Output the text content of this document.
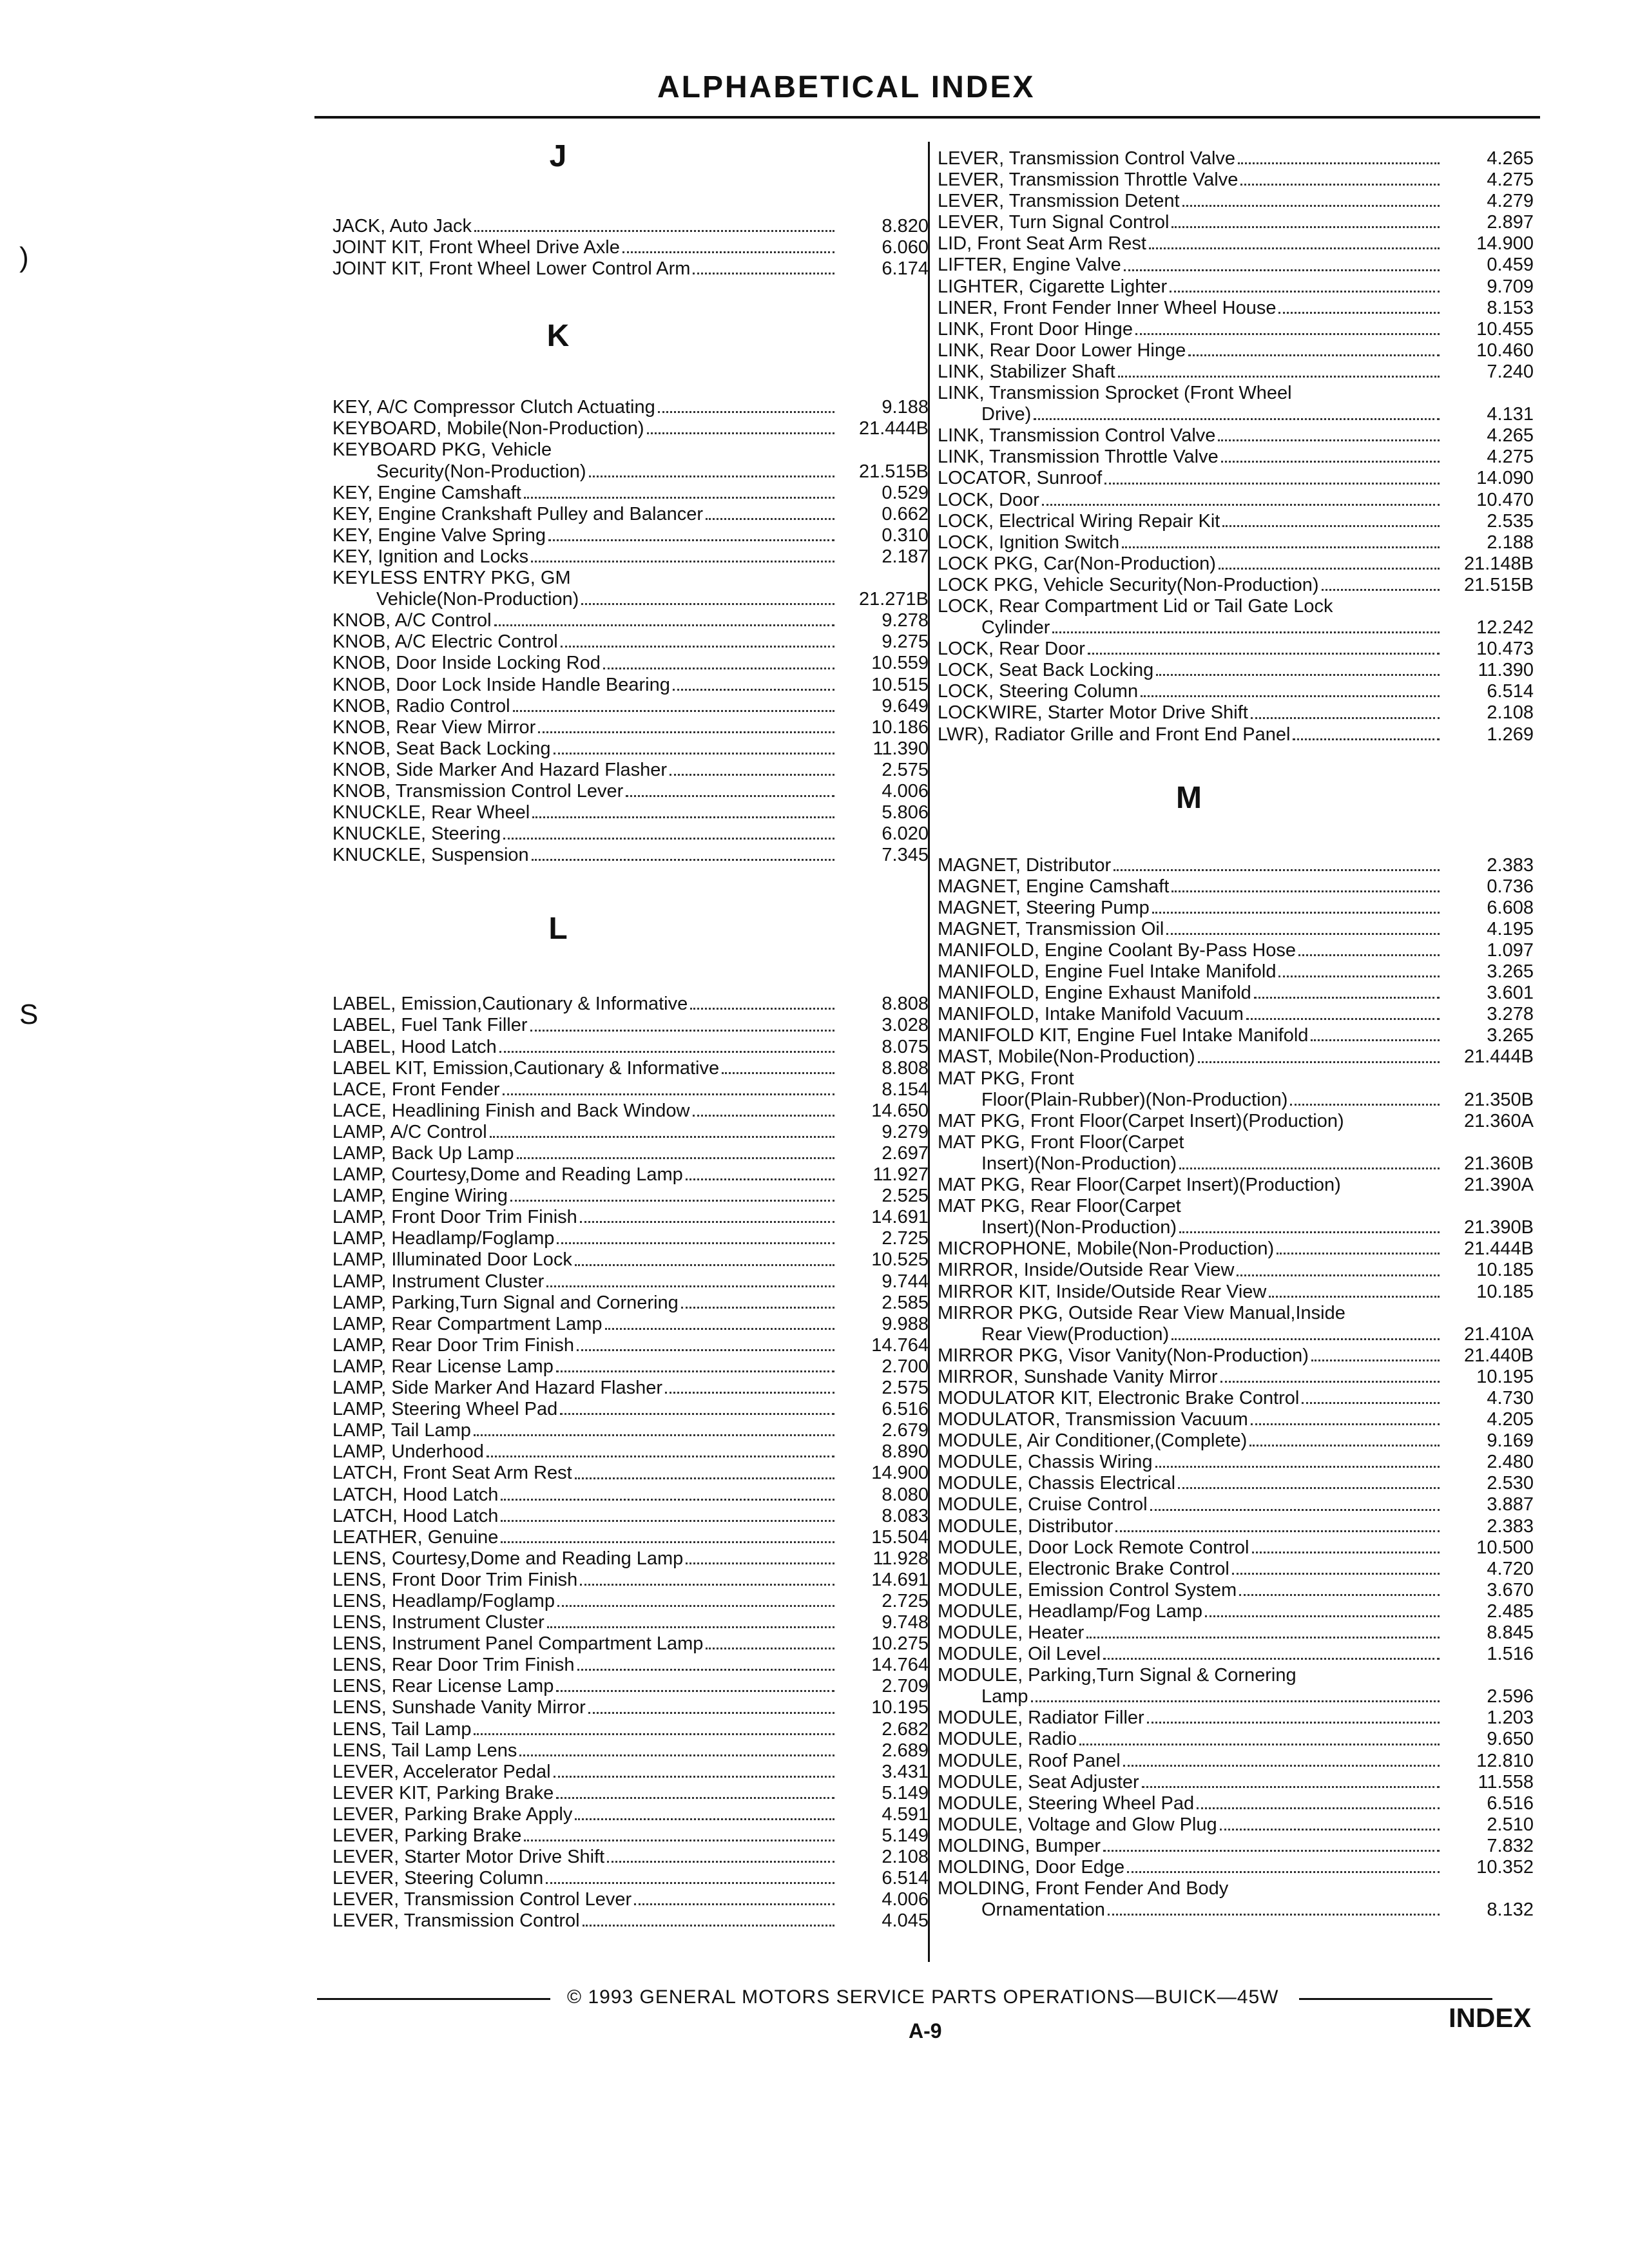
ALPHABETICAL INDEX
)
S
J
JACK, Auto Jack	8.820
JOINT KIT, Front Wheel Drive Axle	6.060
JOINT KIT, Front Wheel Lower Control Arm	6.174
K
KEY, A/C Compressor Clutch Actuating	9.188
KEYBOARD, Mobile(Non-Production)	21.444B
KEYBOARD PKG, Vehicle
Security(Non-Production)	21.515B
KEY, Engine Camshaft	0.529
KEY, Engine Crankshaft Pulley and Balancer	0.662
KEY, Engine Valve Spring	0.310
KEY, Ignition and Locks	2.187
KEYLESS ENTRY PKG, GM
Vehicle(Non-Production)	21.271B
KNOB, A/C Control	9.278
KNOB, A/C Electric Control	9.275
KNOB, Door Inside Locking Rod	10.559
KNOB, Door Lock Inside Handle Bearing	10.515
KNOB, Radio Control	9.649
KNOB, Rear View Mirror	10.186
KNOB, Seat Back Locking	11.390
KNOB, Side Marker And Hazard Flasher	2.575
KNOB, Transmission Control Lever	4.006
KNUCKLE, Rear Wheel	5.806
KNUCKLE, Steering	6.020
KNUCKLE, Suspension	7.345
L
LABEL, Emission,Cautionary & Informative	8.808
LABEL, Fuel Tank Filler	3.028
LABEL, Hood Latch	8.075
LABEL KIT, Emission,Cautionary & Informative	8.808
LACE, Front Fender	8.154
LACE, Headlining Finish and Back Window	14.650
LAMP, A/C Control	9.279
LAMP, Back Up Lamp	2.697
LAMP, Courtesy,Dome and Reading Lamp	11.927
LAMP, Engine Wiring	2.525
LAMP, Front Door Trim Finish	14.691
LAMP, Headlamp/Foglamp	2.725
LAMP, Illuminated Door Lock	10.525
LAMP, Instrument Cluster	9.744
LAMP, Parking,Turn Signal and Cornering	2.585
LAMP, Rear Compartment Lamp	9.988
LAMP, Rear Door Trim Finish	14.764
LAMP, Rear License Lamp	2.700
LAMP, Side Marker And Hazard Flasher	2.575
LAMP, Steering Wheel Pad	6.516
LAMP, Tail Lamp	2.679
LAMP, Underhood	8.890
LATCH, Front Seat Arm Rest	14.900
LATCH, Hood Latch	8.080
LATCH, Hood Latch	8.083
LEATHER, Genuine	15.504
LENS, Courtesy,Dome and Reading Lamp	11.928
LENS, Front Door Trim Finish	14.691
LENS, Headlamp/Foglamp	2.725
LENS, Instrument Cluster	9.748
LENS, Instrument Panel Compartment Lamp	10.275
LENS, Rear Door Trim Finish	14.764
LENS, Rear License Lamp	2.709
LENS, Sunshade Vanity Mirror	10.195
LENS, Tail Lamp	2.682
LENS, Tail Lamp Lens	2.689
LEVER, Accelerator Pedal	3.431
LEVER KIT, Parking Brake	5.149
LEVER, Parking Brake Apply	4.591
LEVER, Parking Brake	5.149
LEVER, Starter Motor Drive Shift	2.108
LEVER, Steering Column	6.514
LEVER, Transmission Control Lever	4.006
LEVER, Transmission Control	4.045
LEVER, Transmission Control Valve	4.265
LEVER, Transmission Throttle Valve	4.275
LEVER, Transmission Detent	4.279
LEVER, Turn Signal Control	2.897
LID, Front Seat Arm Rest	14.900
LIFTER, Engine Valve	0.459
LIGHTER, Cigarette Lighter	9.709
LINER, Front Fender Inner Wheel House	8.153
LINK, Front Door Hinge	10.455
LINK, Rear Door Lower Hinge	10.460
LINK, Stabilizer Shaft	7.240
LINK, Transmission Sprocket (Front Wheel
Drive)	4.131
LINK, Transmission Control Valve	4.265
LINK, Transmission Throttle Valve	4.275
LOCATOR, Sunroof	14.090
LOCK, Door	10.470
LOCK, Electrical Wiring Repair Kit	2.535
LOCK, Ignition Switch	2.188
LOCK PKG, Car(Non-Production)	21.148B
LOCK PKG, Vehicle Security(Non-Production)	21.515B
LOCK, Rear Compartment Lid or Tail Gate Lock
Cylinder	12.242
LOCK, Rear Door	10.473
LOCK, Seat Back Locking	11.390
LOCK, Steering Column	6.514
LOCKWIRE, Starter Motor Drive Shift	2.108
LWR), Radiator Grille and Front End Panel	1.269
M
MAGNET, Distributor	2.383
MAGNET, Engine Camshaft	0.736
MAGNET, Steering Pump	6.608
MAGNET, Transmission Oil	4.195
MANIFOLD, Engine Coolant By-Pass Hose	1.097
MANIFOLD, Engine Fuel Intake Manifold	3.265
MANIFOLD, Engine Exhaust Manifold	3.601
MANIFOLD, Intake Manifold Vacuum	3.278
MANIFOLD KIT, Engine Fuel Intake Manifold	3.265
MAST, Mobile(Non-Production)	21.444B
MAT PKG, Front
Floor(Plain-Rubber)(Non-Production)	21.350B
MAT PKG, Front Floor(Carpet Insert)(Production)	21.360A
MAT PKG, Front Floor(Carpet
Insert)(Non-Production)	21.360B
MAT PKG, Rear Floor(Carpet Insert)(Production)	21.390A
MAT PKG, Rear Floor(Carpet
Insert)(Non-Production)	21.390B
MICROPHONE, Mobile(Non-Production)	21.444B
MIRROR, Inside/Outside Rear View	10.185
MIRROR KIT, Inside/Outside Rear View	10.185
MIRROR PKG, Outside Rear View Manual,Inside
Rear View(Production)	21.410A
MIRROR PKG, Visor Vanity(Non-Production)	21.440B
MIRROR, Sunshade Vanity Mirror	10.195
MODULATOR KIT, Electronic Brake Control	4.730
MODULATOR, Transmission Vacuum	4.205
MODULE, Air Conditioner,(Complete)	9.169
MODULE, Chassis Wiring	2.480
MODULE, Chassis Electrical	2.530
MODULE, Cruise Control	3.887
MODULE, Distributor	2.383
MODULE, Door Lock Remote Control	10.500
MODULE, Electronic Brake Control	4.720
MODULE, Emission Control System	3.670
MODULE, Headlamp/Fog Lamp	2.485
MODULE, Heater	8.845
MODULE, Oil Level	1.516
MODULE, Parking,Turn Signal & Cornering
Lamp	2.596
MODULE, Radiator Filler	1.203
MODULE, Radio	9.650
MODULE, Roof Panel	12.810
MODULE, Seat Adjuster	11.558
MODULE, Steering Wheel Pad	6.516
MODULE, Voltage and Glow Plug	2.510
MOLDING, Bumper	7.832
MOLDING, Door Edge	10.352
MOLDING, Front Fender And Body
Ornamentation	8.132
© 1993 GENERAL MOTORS SERVICE PARTS OPERATIONS—BUICK—45W
A-9	INDEX
